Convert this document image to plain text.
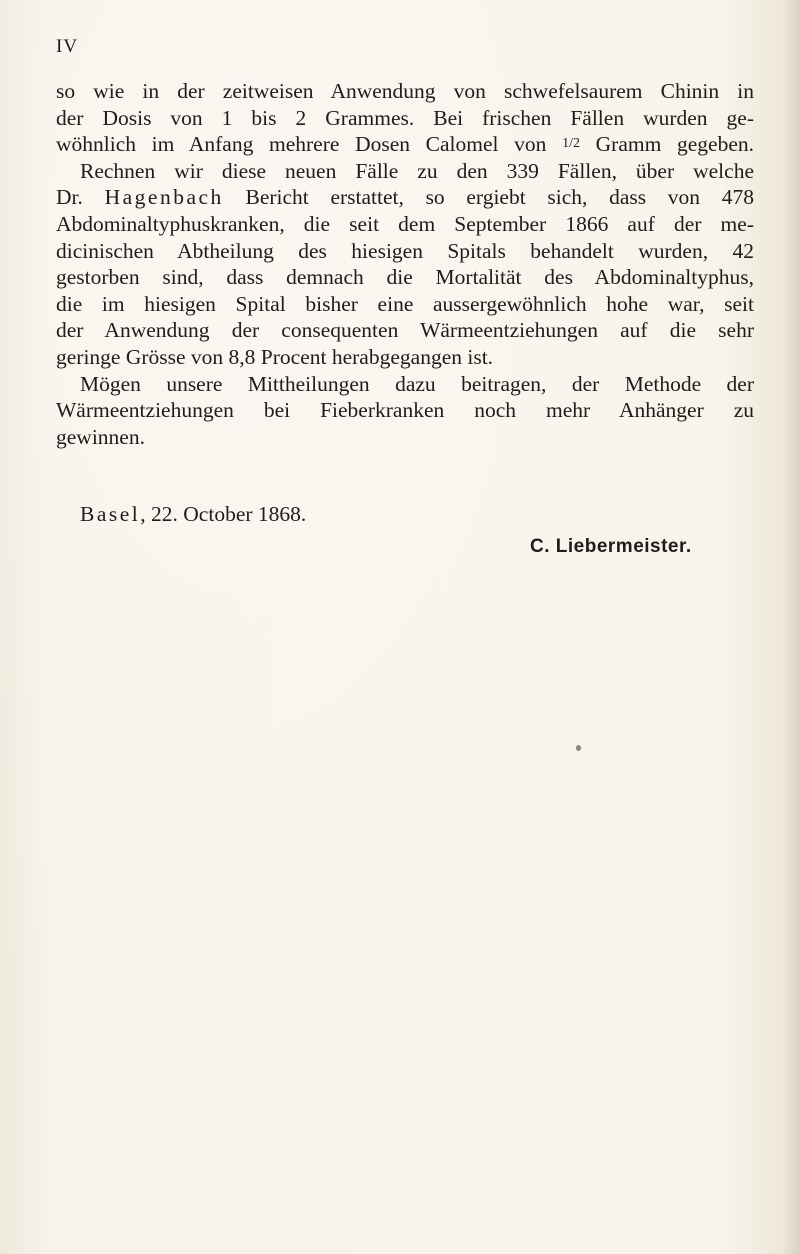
IV
so wie in der zeitweisen Anwendung von schwefelsaurem Chinin in
der Dosis von 1 bis 2 Grammes. Bei frischen Fällen wurden ge-
wöhnlich im Anfang mehrere Dosen Calomel von 1/2 Gramm gegeben.
Rechnen wir diese neuen Fälle zu den 339 Fällen, über welche
Dr. Hagenbach Bericht erstattet, so ergiebt sich, dass von 478
Abdominaltyphuskranken, die seit dem September 1866 auf der me-
dicinischen Abtheilung des hiesigen Spitals behandelt wurden, 42
gestorben sind, dass demnach die Mortalität des Abdominaltyphus,
die im hiesigen Spital bisher eine aussergewöhnlich hohe war, seit
der Anwendung der consequenten Wärmeentziehungen auf die sehr
geringe Grösse von 8,8 Procent herabgegangen ist.
Mögen unsere Mittheilungen dazu beitragen, der Methode der
Wärmeentziehungen bei Fieberkranken noch mehr Anhänger zu
gewinnen.
Basel, 22. October 1868.
C. Liebermeister.
